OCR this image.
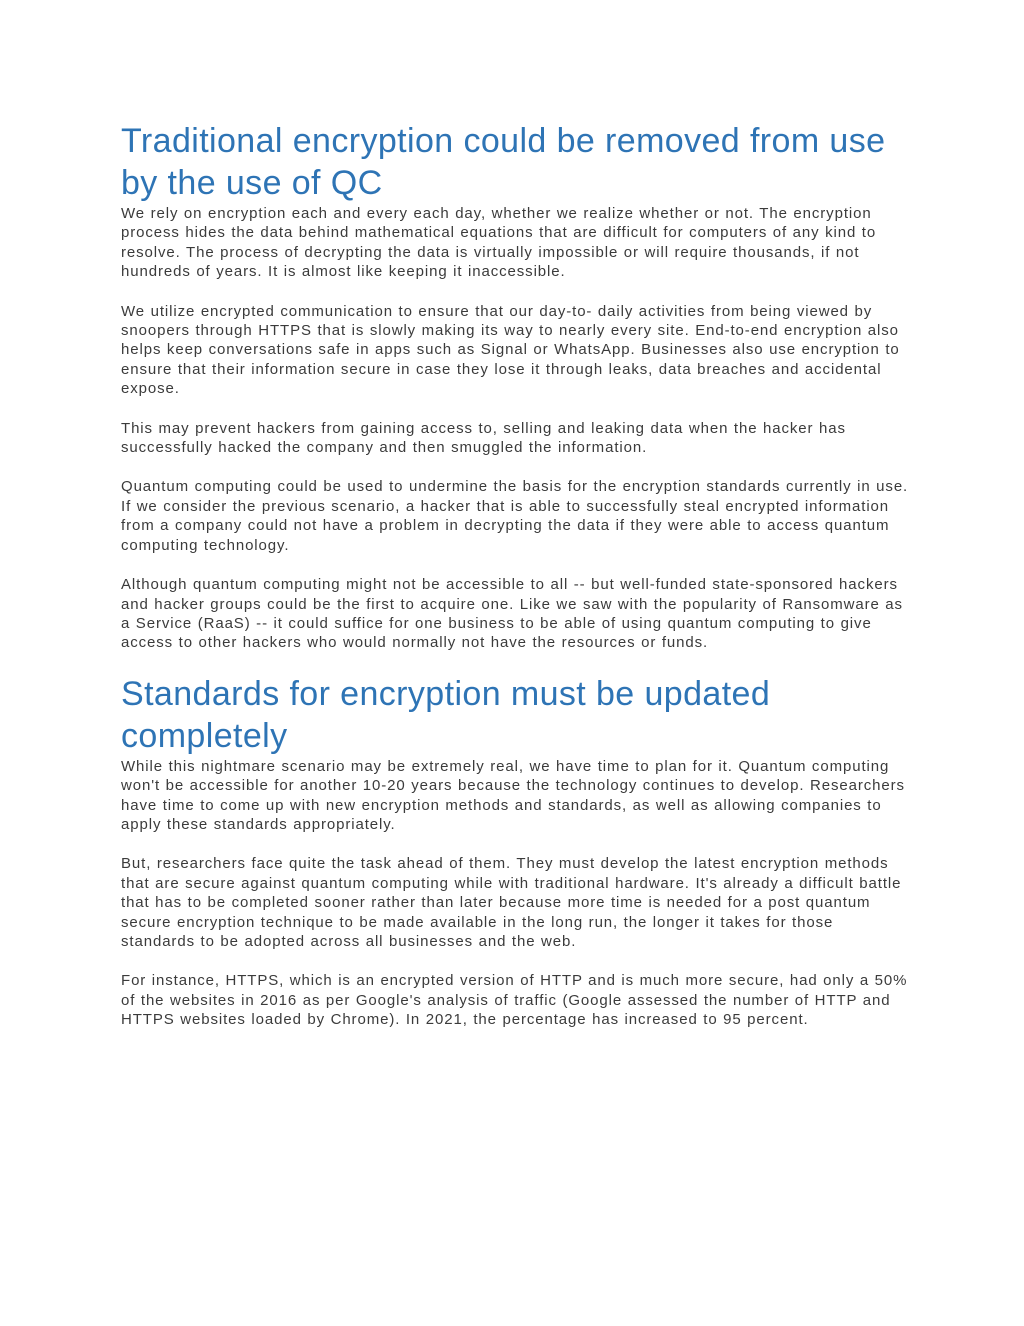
Traditional encryption could be removed from use by the use of QC

We rely on encryption each and every each day, whether we realize whether or not. The encryption process hides the data behind mathematical equations that are difficult for computers of any kind to resolve. The process of decrypting the data is virtually impossible or will require thousands, if not hundreds of years. It is almost like keeping it inaccessible.

We utilize encrypted communication to ensure that our day-to- daily activities from being viewed by snoopers through HTTPS that is slowly making its way to nearly every site. End-to-end encryption also helps keep conversations safe in apps such as Signal or WhatsApp. Businesses also use encryption to ensure that their information secure in case they lose it through leaks, data breaches and accidental expose.

This may prevent hackers from gaining access to, selling and leaking data when the hacker has successfully hacked the company and then smuggled the information.

Quantum computing could be used to undermine the basis for the encryption standards currently in use. If we consider the previous scenario, a hacker that is able to successfully steal encrypted information from a company could not have a problem in decrypting the data if they were able to access quantum computing technology.

Although quantum computing might not be accessible to all -- but well-funded state-sponsored hackers and hacker groups could be the first to acquire one. Like we saw with the popularity of Ransomware as a Service (RaaS) -- it could suffice for one business to be able of using quantum computing to give access to other hackers who would normally not have the resources or funds.

Standards for encryption must be updated completely

While this nightmare scenario may be extremely real, we have time to plan for it. Quantum computing won't be accessible for another 10-20 years because the technology continues to develop. Researchers have time to come up with new encryption methods and standards, as well as allowing companies to apply these standards appropriately.

But, researchers face quite the task ahead of them. They must develop the latest encryption methods that are secure against quantum computing while with traditional hardware. It's already a difficult battle that has to be completed sooner rather than later because more time is needed for a post quantum secure encryption technique to be made available in the long run, the longer it takes for those standards to be adopted across all businesses and the web.

For instance, HTTPS, which is an encrypted version of HTTP and is much more secure, had only a 50% of the websites in 2016 as per Google's analysis of traffic (Google assessed the number of HTTP and HTTPS websites loaded by Chrome). In 2021, the percentage has increased to 95 percent.
